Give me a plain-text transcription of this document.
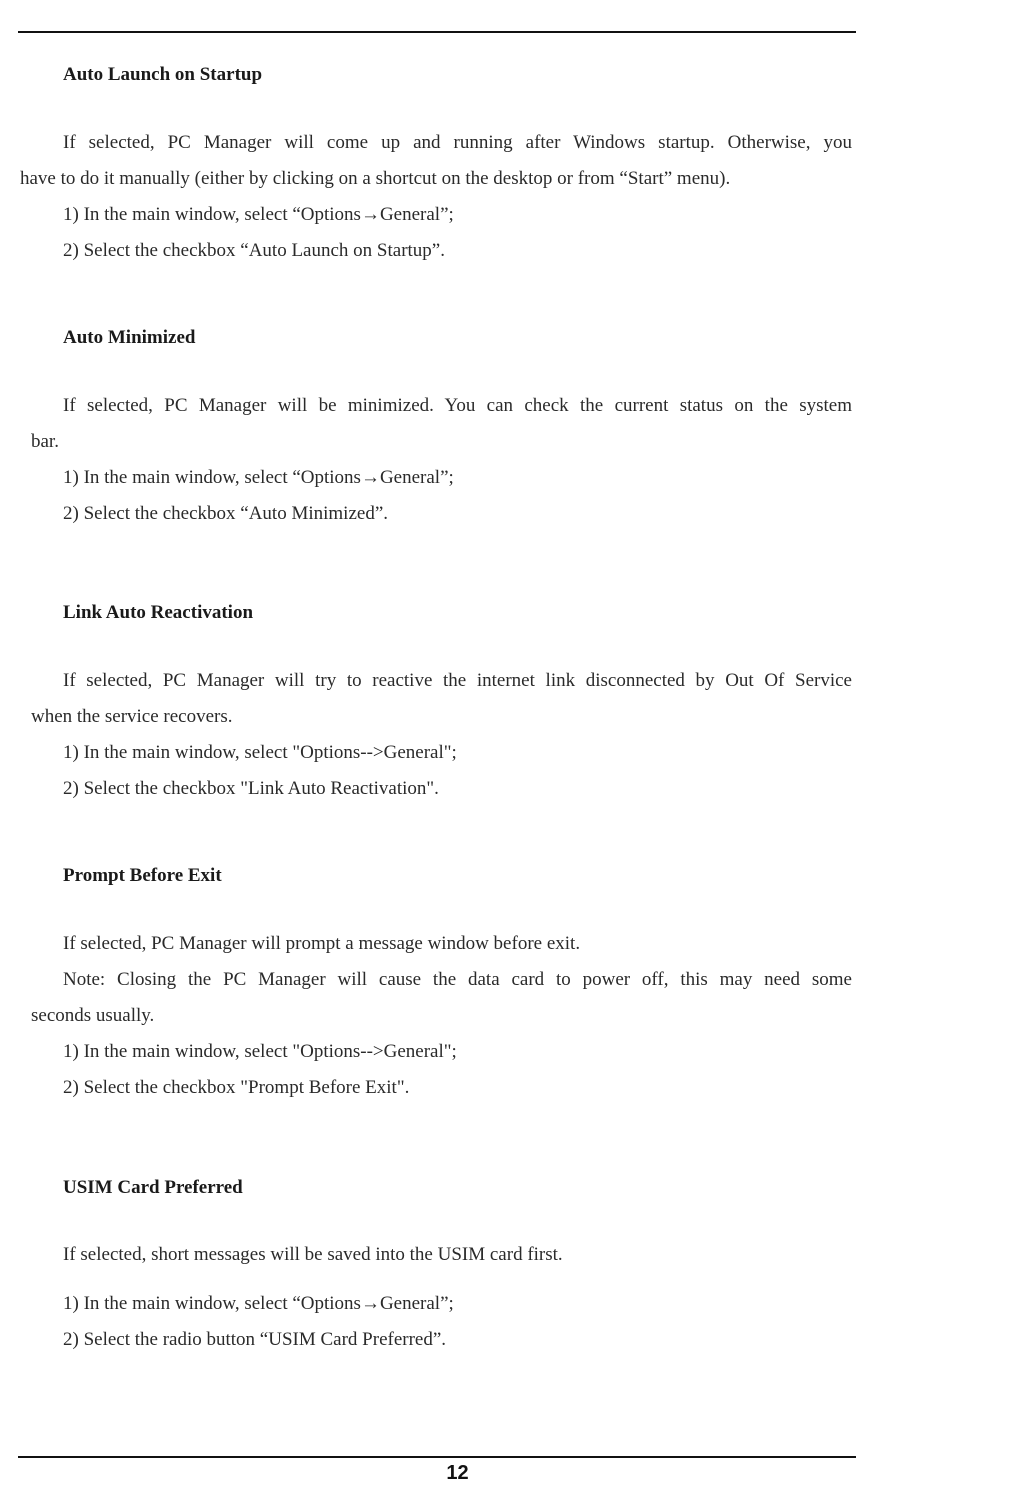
Auto Launch on Startup
If selected, PC Manager will come up and running after Windows startup. Otherwise, you
have to do it manually (either by clicking on a shortcut on the desktop or from “Start” menu).
1) In the main window, select “Options→General”;
2) Select the checkbox “Auto Launch on Startup”.
Auto Minimized
If selected, PC Manager will be minimized. You can check the current status on the system
bar.
1) In the main window, select “Options→General”;
2) Select the checkbox “Auto Minimized”.
Link Auto Reactivation
If selected, PC Manager will try to reactive the internet link disconnected by Out Of Service
when the service recovers.
1) In the main window, select "Options-->General";
2) Select the checkbox "Link Auto Reactivation".
Prompt Before Exit
If selected, PC Manager will prompt a message window before exit.
Note: Closing the PC Manager will cause the data card to power off, this may need some
seconds usually.
1) In the main window, select "Options-->General";
2) Select the checkbox "Prompt Before Exit".
USIM Card Preferred
If selected, short messages will be saved into the USIM card first.
1) In the main window, select “Options→General”;
2) Select the radio button “USIM Card Preferred”.
12
